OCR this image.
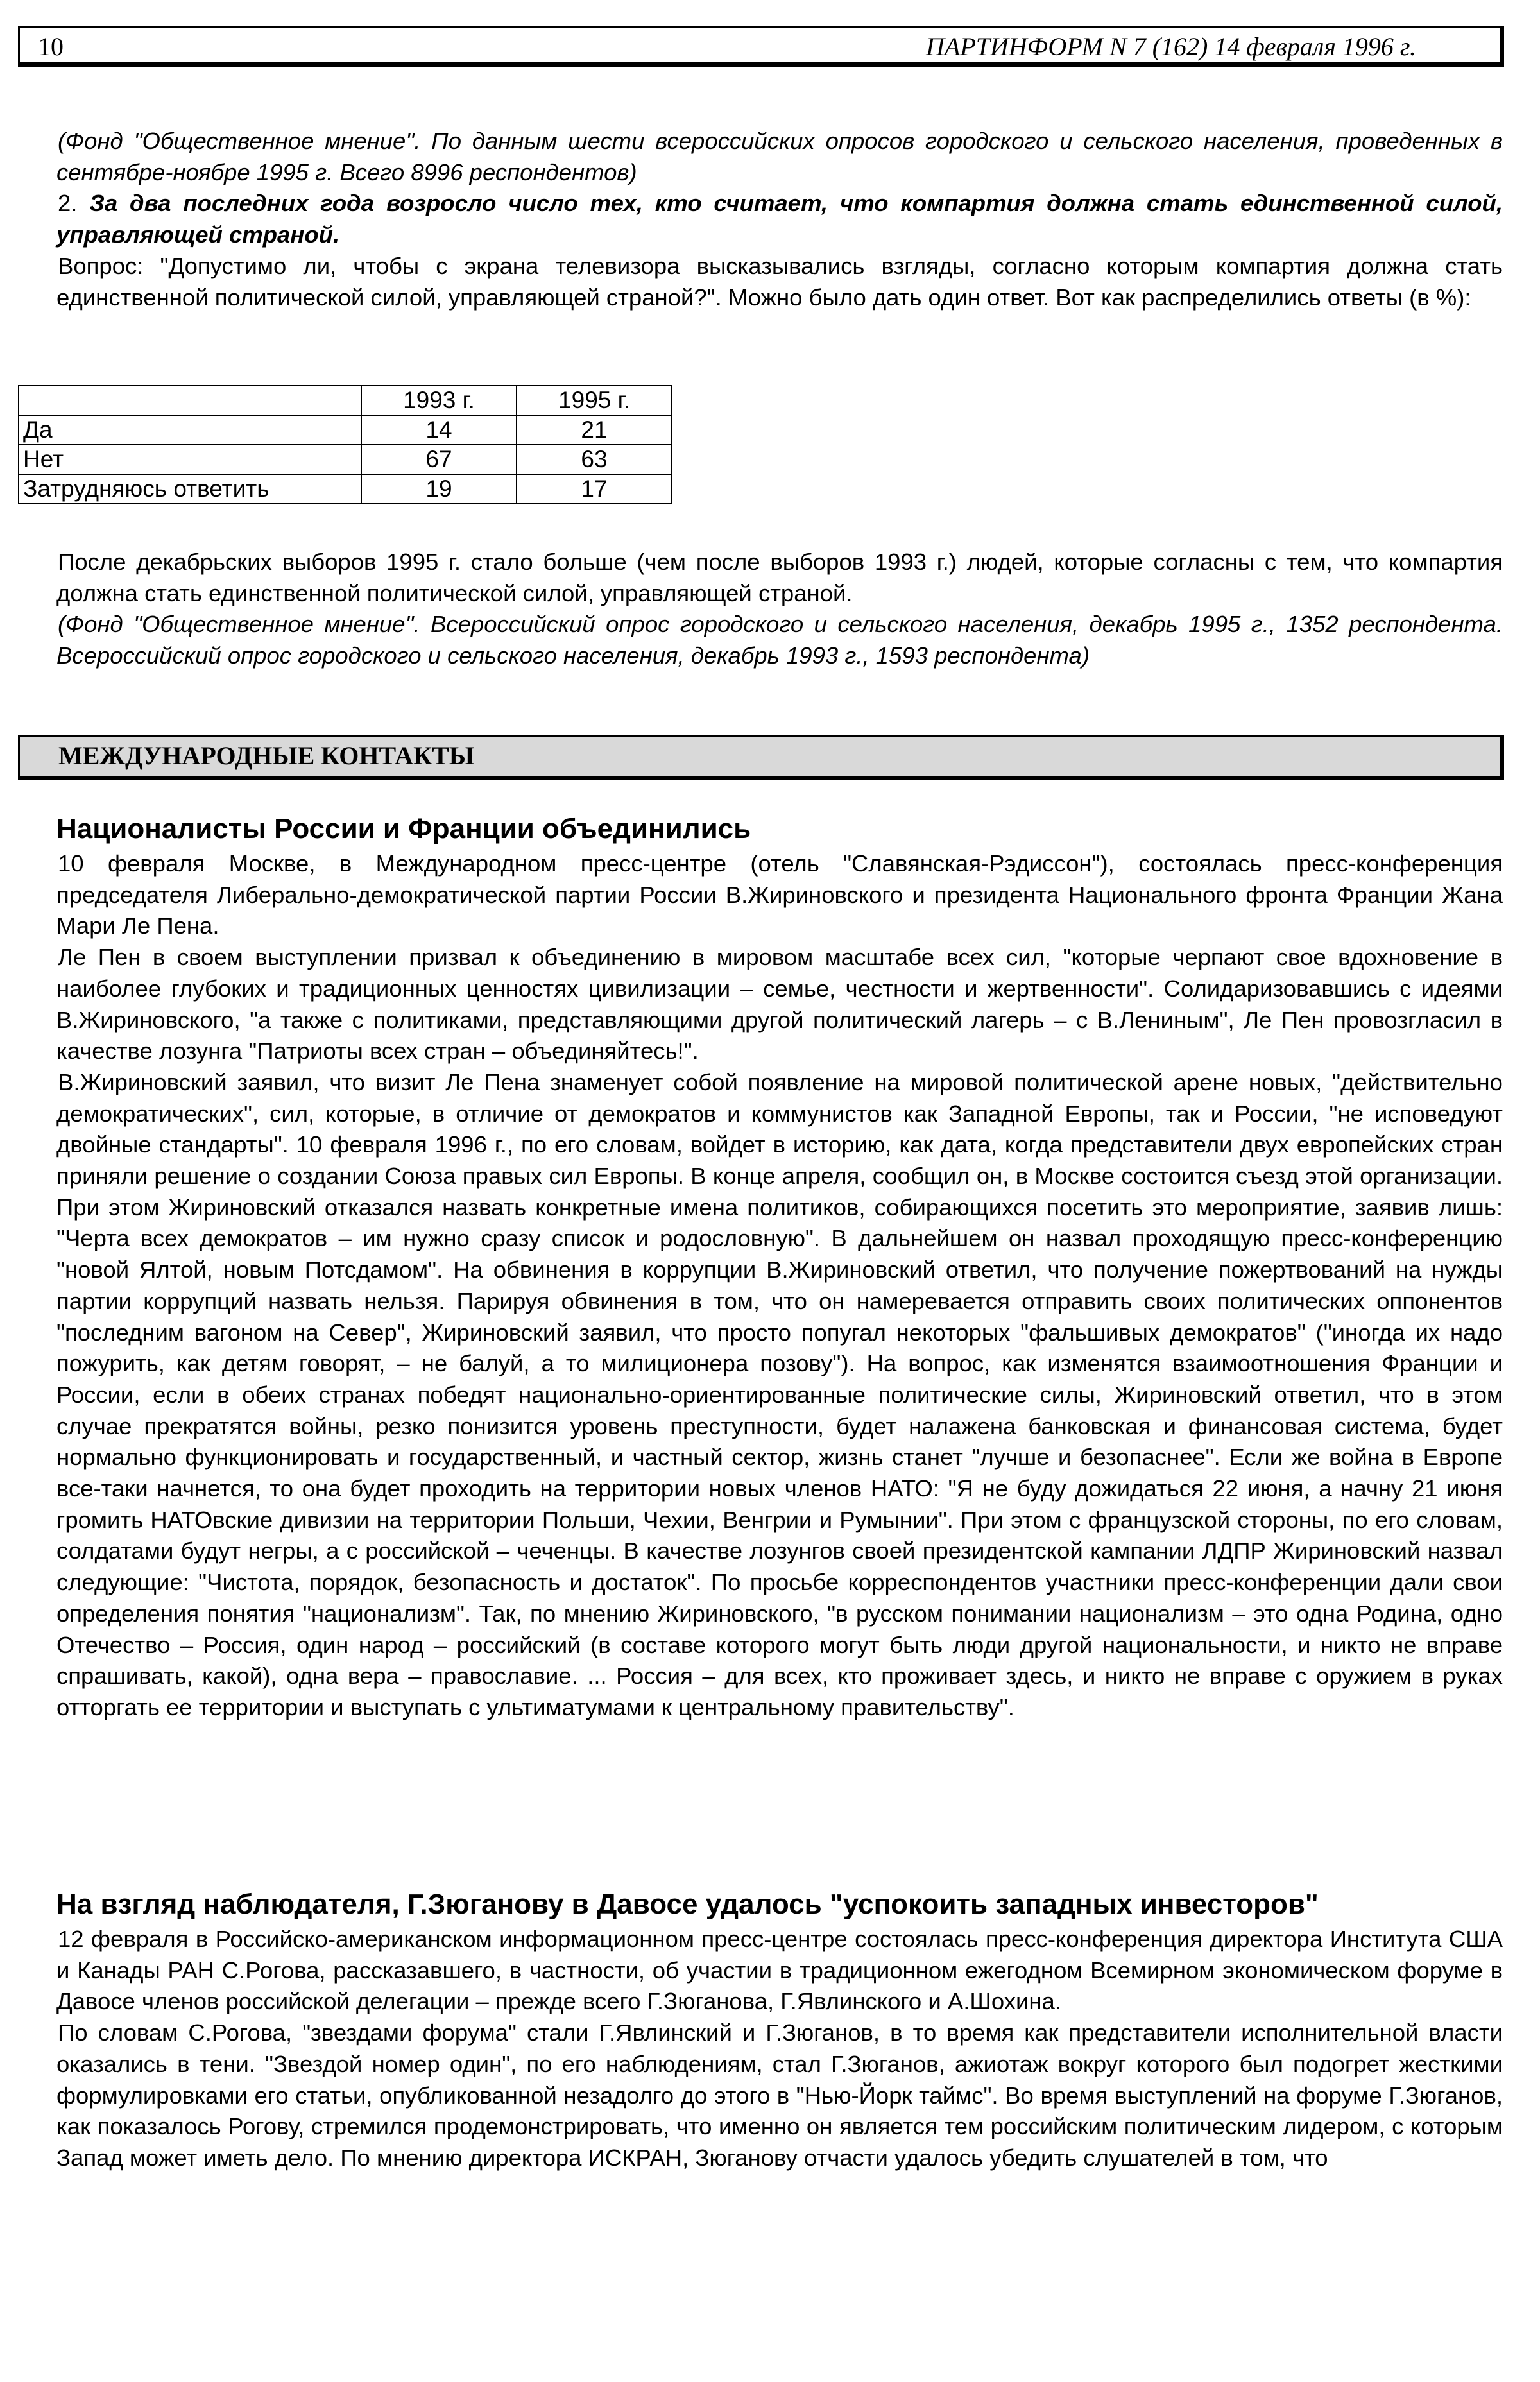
10	ПАРТИНФОРМ N 7 (162) 14 февраля 1996 г.

(Фонд "Общественное мнение". По данным шести всероссийских опросов городского и сельского населения, проведенных в сентябре-ноябре 1995 г. Всего 8996 респондентов)

2. За два последних года возросло число тех, кто считает, что компартия должна стать единственной силой, управляющей страной.

Вопрос: "Допустимо ли, чтобы с экрана телевизора высказывались взгляды, согласно которым компартия должна стать единственной политической силой, управляющей страной?". Можно было дать один ответ. Вот как распределились ответы (в %):

	1993 г.	1995 г.
Да	14	21
Нет	67	63
Затрудняюсь ответить	19	17

После декабрьских выборов 1995 г. стало больше (чем после выборов 1993 г.) людей, которые согласны с тем, что компартия должна стать единственной политической силой, управляющей страной.

(Фонд "Общественное мнение". Всероссийский опрос городского и сельского населения, декабрь 1995 г., 1352 респондента. Всероссийский опрос городского и сельского населения, декабрь 1993 г., 1593 респондента)

МЕЖДУНАРОДНЫЕ КОНТАКТЫ
Националисты России и Франции объединились

10 февраля Москве, в Международном пресс-центре (отель "Славянская-Рэдиссон"), состоялась пресс-конференция председателя Либерально-демократической партии России В.Жириновского и президента Национального фронта Франции Жана Мари Ле Пена.

Ле Пен в своем выступлении призвал к объединению в мировом масштабе всех сил, "которые черпают свое вдохновение в наиболее глубоких и традиционных ценностях цивилизации – семье, честности и жертвенности". Солидаризовавшись с идеями В.Жириновского, "а также с политиками, представляющими другой политический лагерь – с В.Лениным", Ле Пен провозгласил в качестве лозунга "Патриоты всех стран – объединяйтесь!".

В.Жириновский заявил, что визит Ле Пена знаменует собой появление на мировой политической арене новых, "действительно демократических", сил, которые, в отличие от демократов и коммунистов как Западной Европы, так и России, "не исповедуют двойные стандарты". 10 февраля 1996 г., по его словам, войдет в историю, как дата, когда представители двух европейских стран приняли решение о создании Союза правых сил Европы. В конце апреля, сообщил он, в Москве состоится съезд этой организации. При этом Жириновский отказался назвать конкретные имена политиков, собирающихся посетить это мероприятие, заявив лишь: "Черта всех демократов – им нужно сразу список и родословную". В дальнейшем он назвал проходящую пресс-конференцию "новой Ялтой, новым Потсдамом". На обвинения в коррупции В.Жириновский ответил, что получение пожертвований на нужды партии коррупций назвать нельзя. Парируя обвинения в том, что он намеревается отправить своих политических оппонентов "последним вагоном на Север", Жириновский заявил, что просто попугал некоторых "фальшивых демократов" ("иногда их надо пожурить, как детям говорят, – не балуй, а то милиционера позову"). На вопрос, как изменятся взаимоотношения Франции и России, если в обеих странах победят национально-ориентированные политические силы, Жириновский ответил, что в этом случае прекратятся войны, резко понизится уровень преступности, будет налажена банковская и финансовая система, будет нормально функционировать и государственный, и частный сектор, жизнь станет "лучше и безопаснее". Если же война в Европе все-таки начнется, то она будет проходить на территории новых членов НАТО: "Я не буду дожидаться 22 июня, а начну 21 июня громить НАТОвские дивизии на территории Польши, Чехии, Венгрии и Румынии". При этом с французской стороны, по его словам, солдатами будут негры, а с российской – чеченцы. В качестве лозунгов своей президентской кампании ЛДПР Жириновский назвал следующие: "Чистота, порядок, безопасность и достаток". По просьбе корреспондентов участники пресс-конференции дали свои определения понятия "национализм". Так, по мнению Жириновского, "в русском понимании национализм – это одна Родина, одно Отечество – Россия, один народ – российский (в составе которого могут быть люди другой национальности, и никто не вправе спрашивать, какой), одна вера – православие. ... Россия – для всех, кто проживает здесь, и никто не вправе с оружием в руках отторгать ее территории и выступать с ультиматумами к центральному правительству".

На взгляд наблюдателя, Г.Зюганову в Давосе удалось "успокоить западных инвесторов"

12 февраля в Российско-американском информационном пресс-центре состоялась пресс-конференция директора Института США и Канады РАН С.Рогова, рассказавшего, в частности, об участии в традиционном ежегодном Всемирном экономическом форуме в Давосе членов российской делегации – прежде всего Г.Зюганова, Г.Явлинского и А.Шохина.

По словам С.Рогова, "звездами форума" стали Г.Явлинский и Г.Зюганов, в то время как представители исполнительной власти оказались в тени. "Звездой номер один", по его наблюдениям, стал Г.Зюганов, ажиотаж вокруг которого был подогрет жесткими формулировками его статьи, опубликованной незадолго до этого в "Нью-Йорк таймс". Во время выступлений на форуме Г.Зюганов, как показалось Рогову, стремился продемонстрировать, что именно он является тем российским политическим лидером, с которым Запад может иметь дело. По мнению директора ИСКРАН, Зюганову отчасти удалось убедить слушателей в том, что
